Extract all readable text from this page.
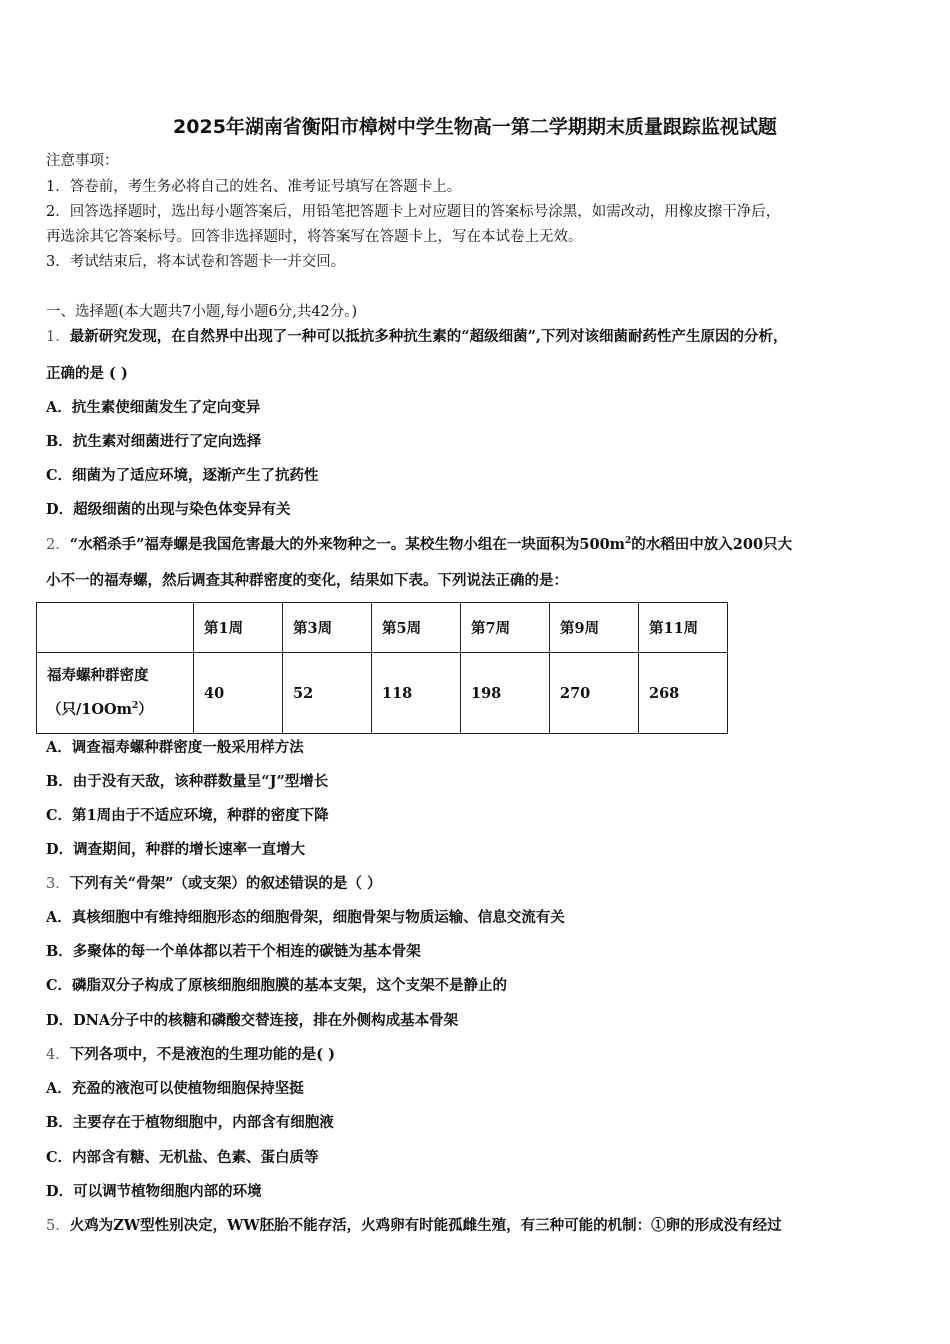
2025年湖南省衡阳市樟树中学生物高一第二学期期末质量跟踪监视试题
注意事项：
1．答卷前，考生务必将自己的姓名、准考证号填写在答题卡上。
2．回答选择题时，选出每小题答案后，用铅笔把答题卡上对应题目的答案标号涂黑，如需改动，用橡皮擦干净后，
再选涂其它答案标号。回答非选择题时，将答案写在答题卡上，写在本试卷上无效。
3．考试结束后，将本试卷和答题卡一并交回。
一、选择题(本大题共7小题,每小题6分,共42分。)
1．最新研究发现，在自然界中出现了一种可以抵抗多种抗生素的“超级细菌”,下列对该细菌耐药性产生原因的分析，
正确的是 ( )
A．抗生素使细菌发生了定向变异
B．抗生素对细菌进行了定向选择
C．细菌为了适应环境，逐渐产生了抗药性
D．超级细菌的出现与染色体变异有关
2．“水稻杀手”福寿螺是我国危害最大的外来物种之一。某校生物小组在一块面积为$500m^2$的水稻田中放入200只大
小不一的福寿螺，然后调查其种群密度的变化，结果如下表。下列说法正确的是：
	第1周	第3周	第5周	第7周	第9周	第11周

福寿螺种群密度
（只/1OOm$^2$）	40	52	118	198	270	268
A．调查福寿螺种群密度一般采用样方法
B．由于没有天敌，该种群数量呈“J”型增长
C．第1周由于不适应环境，种群的密度下降
D．调查期间，种群的增长速率一直增大
3．下列有关“骨架”（或支架）的叙述错误的是（ ）
A．真核细胞中有维持细胞形态的细胞骨架，细胞骨架与物质运输、信息交流有关
B．多聚体的每一个单体都以若干个相连的碳链为基本骨架
C．磷脂双分子构成了原核细胞细胞膜的基本支架，这个支架不是静止的
D．DNA分子中的核糖和磷酸交替连接，排在外侧构成基本骨架
4．下列各项中，不是液泡的生理功能的是( )
A．充盈的液泡可以使植物细胞保持坚挺
B．主要存在于植物细胞中，内部含有细胞液
C．内部含有糖、无机盐、色素、蛋白质等
D．可以调节植物细胞内部的环境
5．火鸡为ZW型性别决定，WW胚胎不能存活，火鸡卵有时能孤雌生殖，有三种可能的机制：①卵的形成没有经过
